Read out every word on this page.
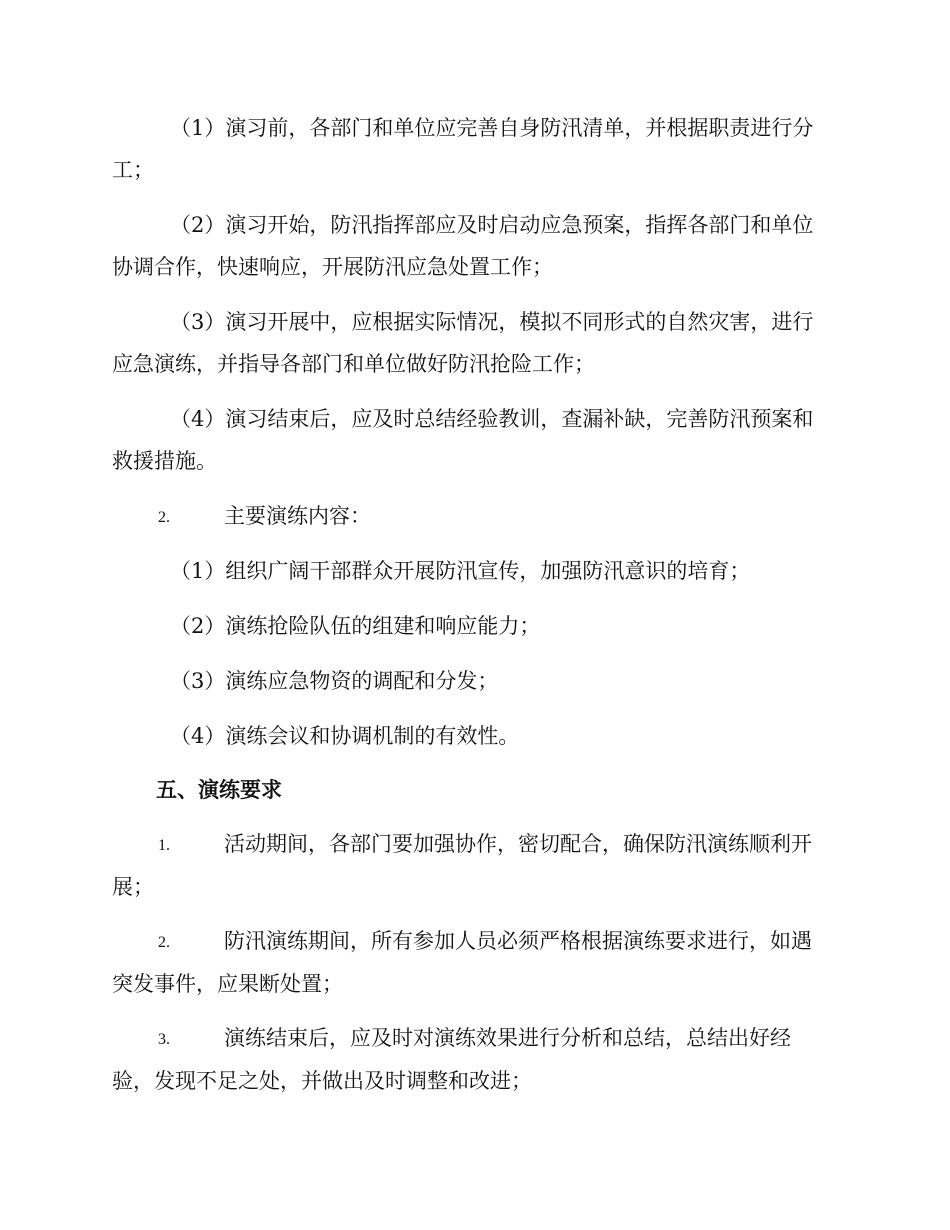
（1）演习前，各部门和单位应完善自身防汛清单，并根据职责进行分
工；
（2）演习开始，防汛指挥部应及时启动应急预案，指挥各部门和单位
协调合作，快速响应，开展防汛应急处置工作；
（3）演习开展中，应根据实际情况，模拟不同形式的自然灾害，进行
应急演练，并指导各部门和单位做好防汛抢险工作；
（4）演习结束后，应及时总结经验教训，查漏补缺，完善防汛预案和
救援措施。
2.	主要演练内容：
（1）组织广阔干部群众开展防汛宣传，加强防汛意识的培育；
（2）演练抢险队伍的组建和响应能力；
（3）演练应急物资的调配和分发；
（4）演练会议和协调机制的有效性。
五、演练要求
1.	活动期间，各部门要加强协作，密切配合，确保防汛演练顺利开
展；
2.	防汛演练期间，所有参加人员必须严格根据演练要求进行，如遇
突发事件，应果断处置；
3.	演练结束后，应及时对演练效果进行分析和总结，总结出好经
验，发现不足之处，并做出及时调整和改进；
